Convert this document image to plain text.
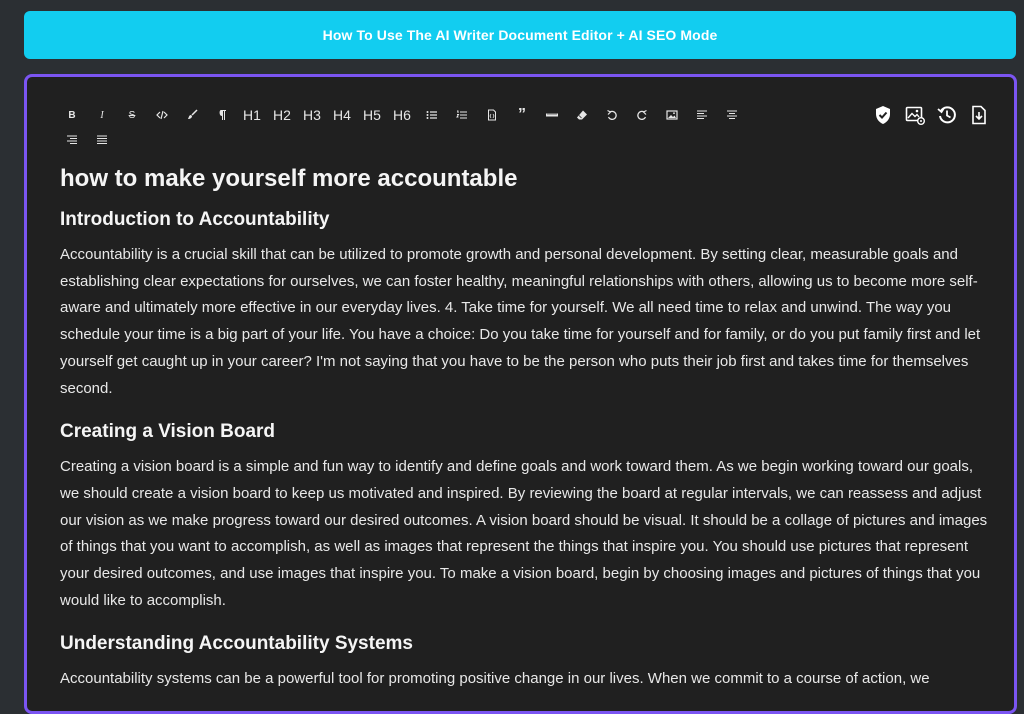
How To Use The AI Writer Document Editor + AI SEO Mode
B I S	H1 H2 H3 H4 H5 H6	”
how to make yourself more accountable
Introduction to Accountability

Accountability is a crucial skill that can be utilized to promote growth and personal development. By setting clear, measurable goals and establishing clear expectations for ourselves, we can foster healthy, meaningful relationships with others, allowing us to become more self-aware and ultimately more effective in our everyday lives. 4. Take time for yourself. We all need time to relax and unwind. The way you schedule your time is a big part of your life. You have a choice: Do you take time for yourself and for family, or do you put family first and let yourself get caught up in your career? I'm not saying that you have to be the person who puts their job first and takes time for themselves second.

Creating a Vision Board

Creating a vision board is a simple and fun way to identify and define goals and work toward them. As we begin working toward our goals, we should create a vision board to keep us motivated and inspired. By reviewing the board at regular intervals, we can reassess and adjust our vision as we make progress toward our desired outcomes. A vision board should be visual. It should be a collage of pictures and images of things that you want to accomplish, as well as images that represent the things that inspire you. You should use pictures that represent your desired outcomes, and use images that inspire you. To make a vision board, begin by choosing images and pictures of things that you would like to accomplish.

Understanding Accountability Systems

Accountability systems can be a powerful tool for promoting positive change in our lives. When we commit to a course of action, we
